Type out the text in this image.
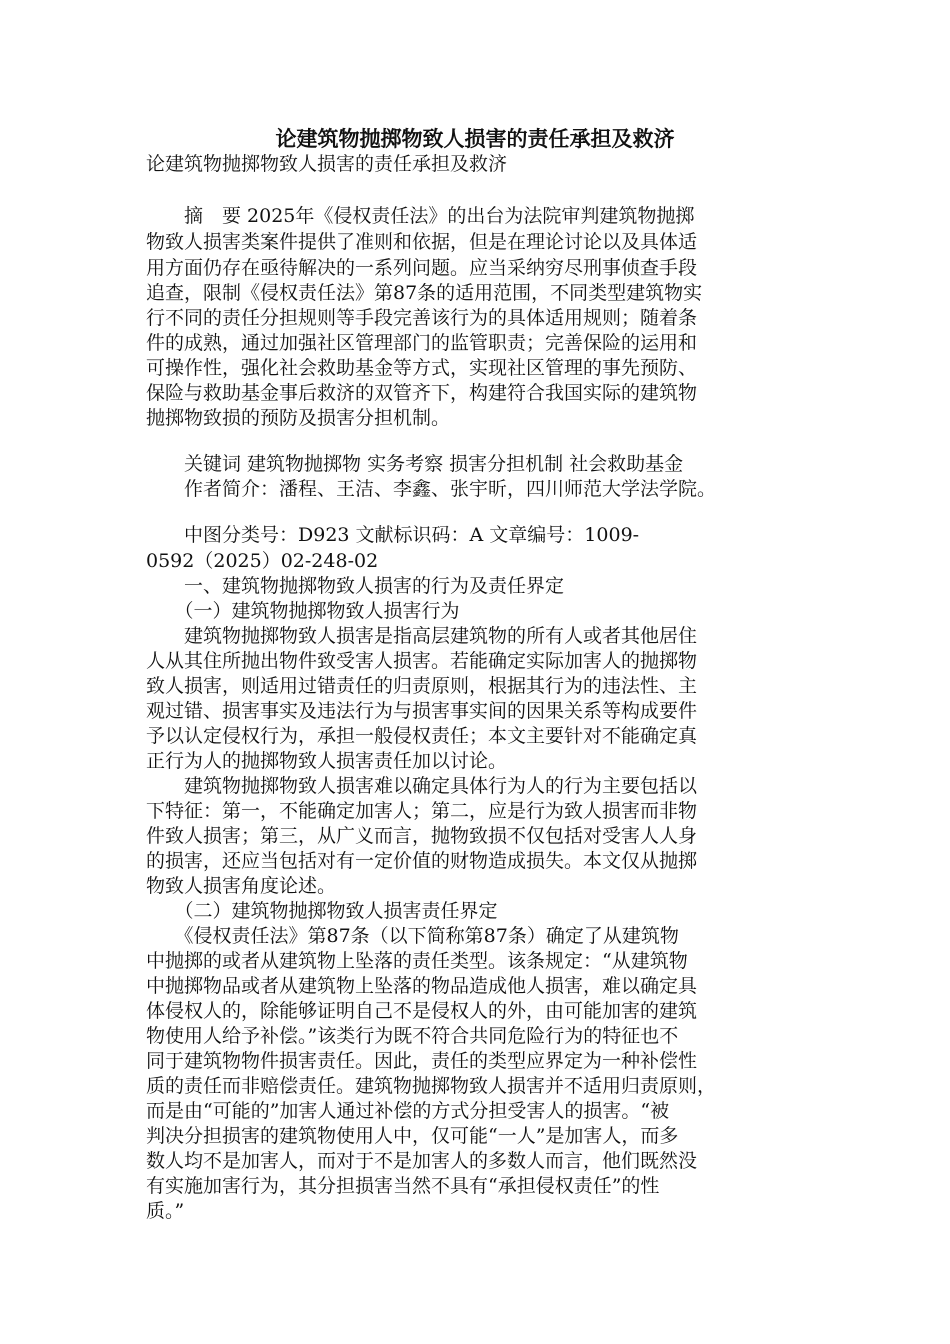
论建筑物抛掷物致人损害的责任承担及救济
论建筑物抛掷物致人损害的责任承担及救济
　　摘　要 2025年《侵权责任法》的出台为法院审判建筑物抛掷
物致人损害类案件提供了准则和依据，但是在理论讨论以及具体适
用方面仍存在亟待解决的一系列问题。应当采纳穷尽刑事侦查手段
追查，限制《侵权责任法》第87条的适用范围，不同类型建筑物实
行不同的责任分担规则等手段完善该行为的具体适用规则；随着条
件的成熟，通过加强社区管理部门的监管职责；完善保险的运用和
可操作性，强化社会救助基金等方式，实现社区管理的事先预防、
保险与救助基金事后救济的双管齐下，构建符合我国实际的建筑物
抛掷物致损的预防及损害分担机制。
　　关键词 建筑物抛掷物 实务考察 损害分担机制 社会救助基金
　　作者简介：潘程、王洁、李鑫、张宇昕，四川师范大学法学院。
　　中图分类号：D923 文献标识码：A 文章编号：1009-
0592（2025）02-248-02
　　一、建筑物抛掷物致人损害的行为及责任界定
　　（一）建筑物抛掷物致人损害行为
　　建筑物抛掷物致人损害是指高层建筑物的所有人或者其他居住
人从其住所抛出物件致受害人损害。若能确定实际加害人的抛掷物
致人损害，则适用过错责任的归责原则，根据其行为的违法性、主
观过错、损害事实及违法行为与损害事实间的因果关系等构成要件
予以认定侵权行为，承担一般侵权责任；本文主要针对不能确定真
正行为人的抛掷物致人损害责任加以讨论。
　　建筑物抛掷物致人损害难以确定具体行为人的行为主要包括以
下特征：第一，不能确定加害人；第二，应是行为致人损害而非物
件致人损害；第三，从广义而言，抛物致损不仅包括对受害人人身
的损害，还应当包括对有一定价值的财物造成损失。本文仅从抛掷
物致人损害角度论述。
　　（二）建筑物抛掷物致人损害责任界定
　　《侵权责任法》第87条（以下简称第87条）确定了从建筑物
中抛掷的或者从建筑物上坠落的责任类型。该条规定：“从建筑物
中抛掷物品或者从建筑物上坠落的物品造成他人损害，难以确定具
体侵权人的，除能够证明自己不是侵权人的外，由可能加害的建筑
物使用人给予补偿。”该类行为既不符合共同危险行为的特征也不
同于建筑物物件损害责任。因此，责任的类型应界定为一种补偿性
质的责任而非赔偿责任。建筑物抛掷物致人损害并不适用归责原则，
而是由“可能的”加害人通过补偿的方式分担受害人的损害。“被
判决分担损害的建筑物使用人中，仅可能“一人”是加害人，而多
数人均不是加害人，而对于不是加害人的多数人而言，他们既然没
有实施加害行为，其分担损害当然不具有“承担侵权责任”的性
质。”
